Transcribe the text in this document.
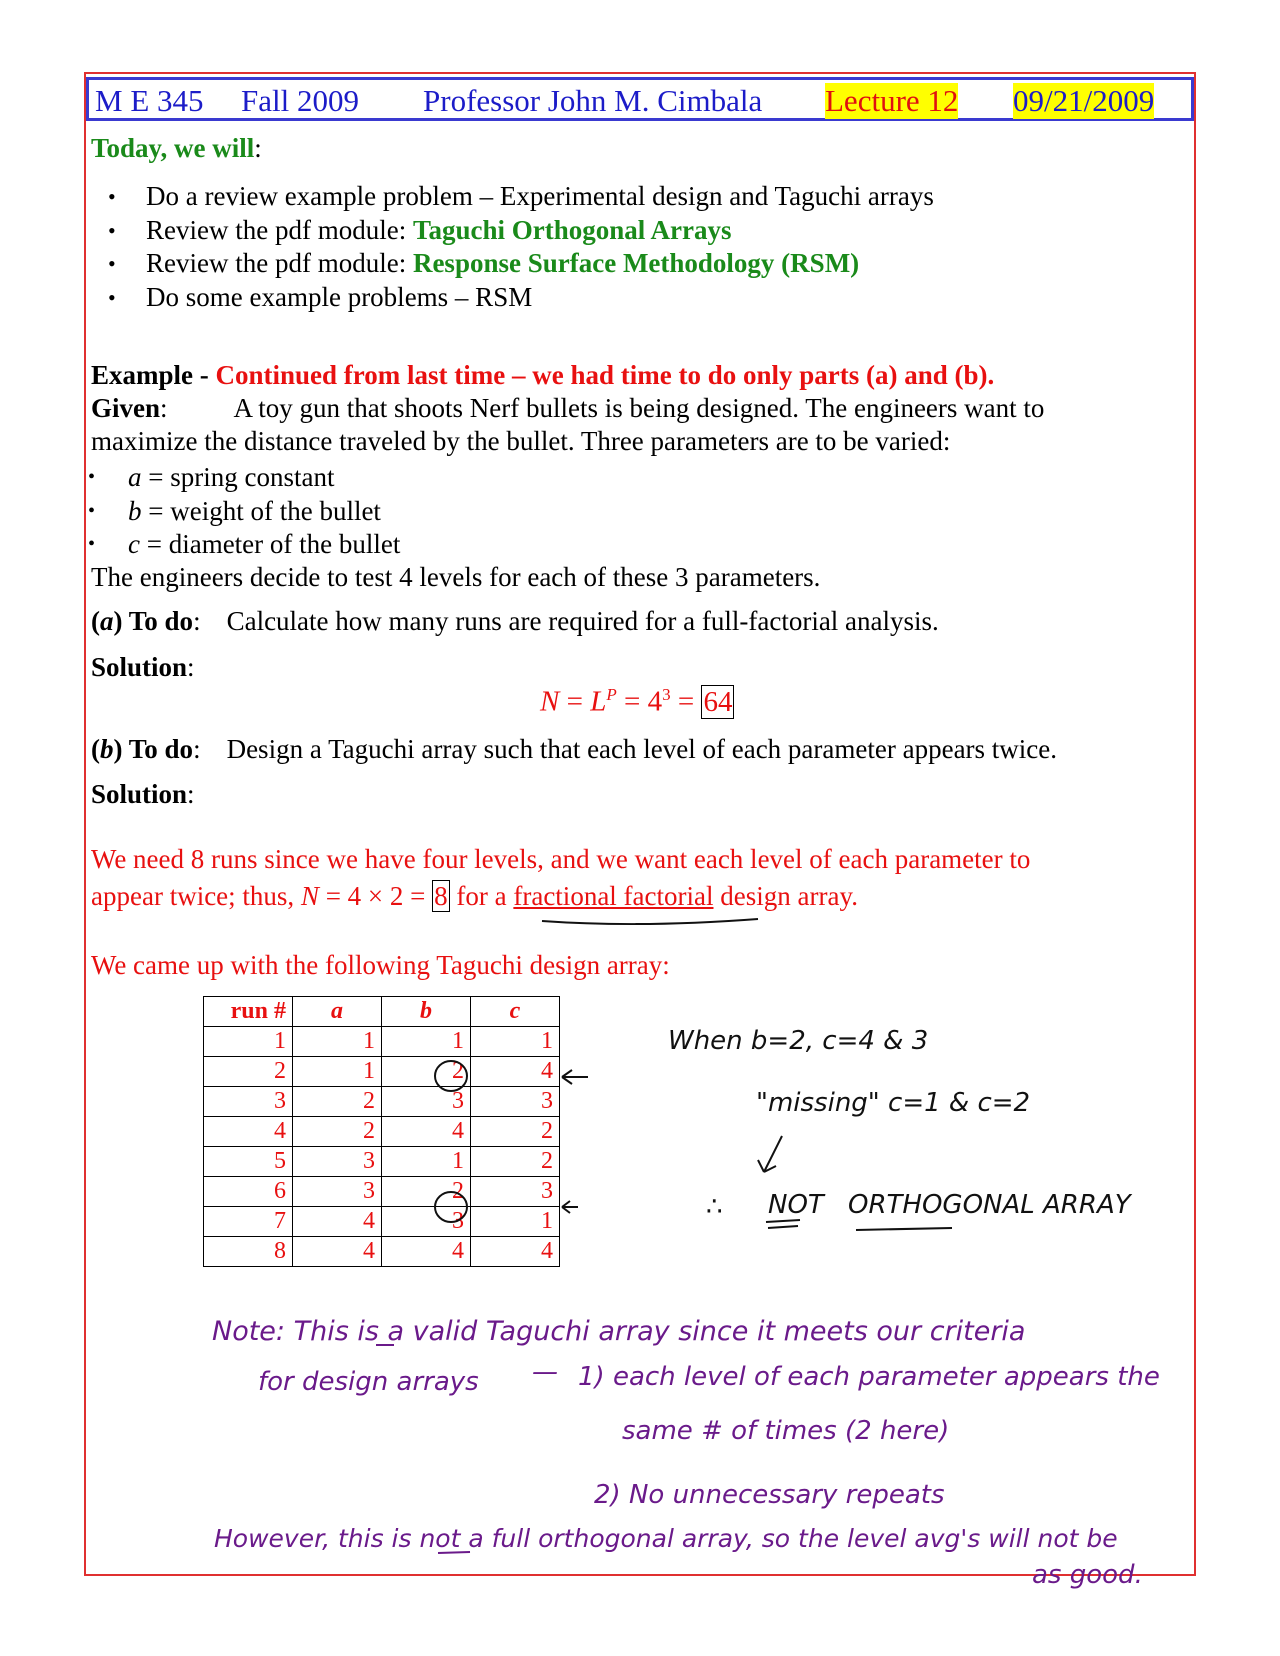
M E 345 Fall 2009 Professor John M. Cimbala Lecture 12 09/21/2009
Today, we will:
• Do a review example problem – Experimental design and Taguchi arrays
• Review the pdf module: Taguchi Orthogonal Arrays
• Review the pdf module: Response Surface Methodology (RSM)
• Do some example problems – RSM
Example - Continued from last time – we had time to do only parts (a) and (b).
Given: A toy gun that shoots Nerf bullets is being designed. The engineers want to
maximize the distance traveled by the bullet. Three parameters are to be varied:
• a = spring constant
• b = weight of the bullet
• c = diameter of the bullet
The engineers decide to test 4 levels for each of these 3 parameters.
(a) To do: Calculate how many runs are required for a full-factorial analysis.
Solution:
$N = L^P = 4^3 = 64$
(b) To do: Design a Taguchi array such that each level of each parameter appears twice.
Solution:
We need 8 runs since we have four levels, and we want each level of each parameter to
appear twice; thus, N = 4 × 2 = 8 for a fractional factorial design array.
We came up with the following Taguchi design array:
run #	a	b	c
1	1	1	1
2	1	2	4
3	2	3	3
4	2	4	2
5	3	1	2
6	3	2	3
7	4	3	1
8	4	4	4
When b=2, c=4 & 3
"missing" c=1 & c=2
∴ NOT ORTHOGONAL ARRAY
Note: This is a valid Taguchi array since it meets our criteria
for design arrays — 1) each level of each parameter appears the
same # of times (2 here)
2) No unnecessary repeats
However, this is not a full orthogonal array, so the level avg's will not be
as good.
